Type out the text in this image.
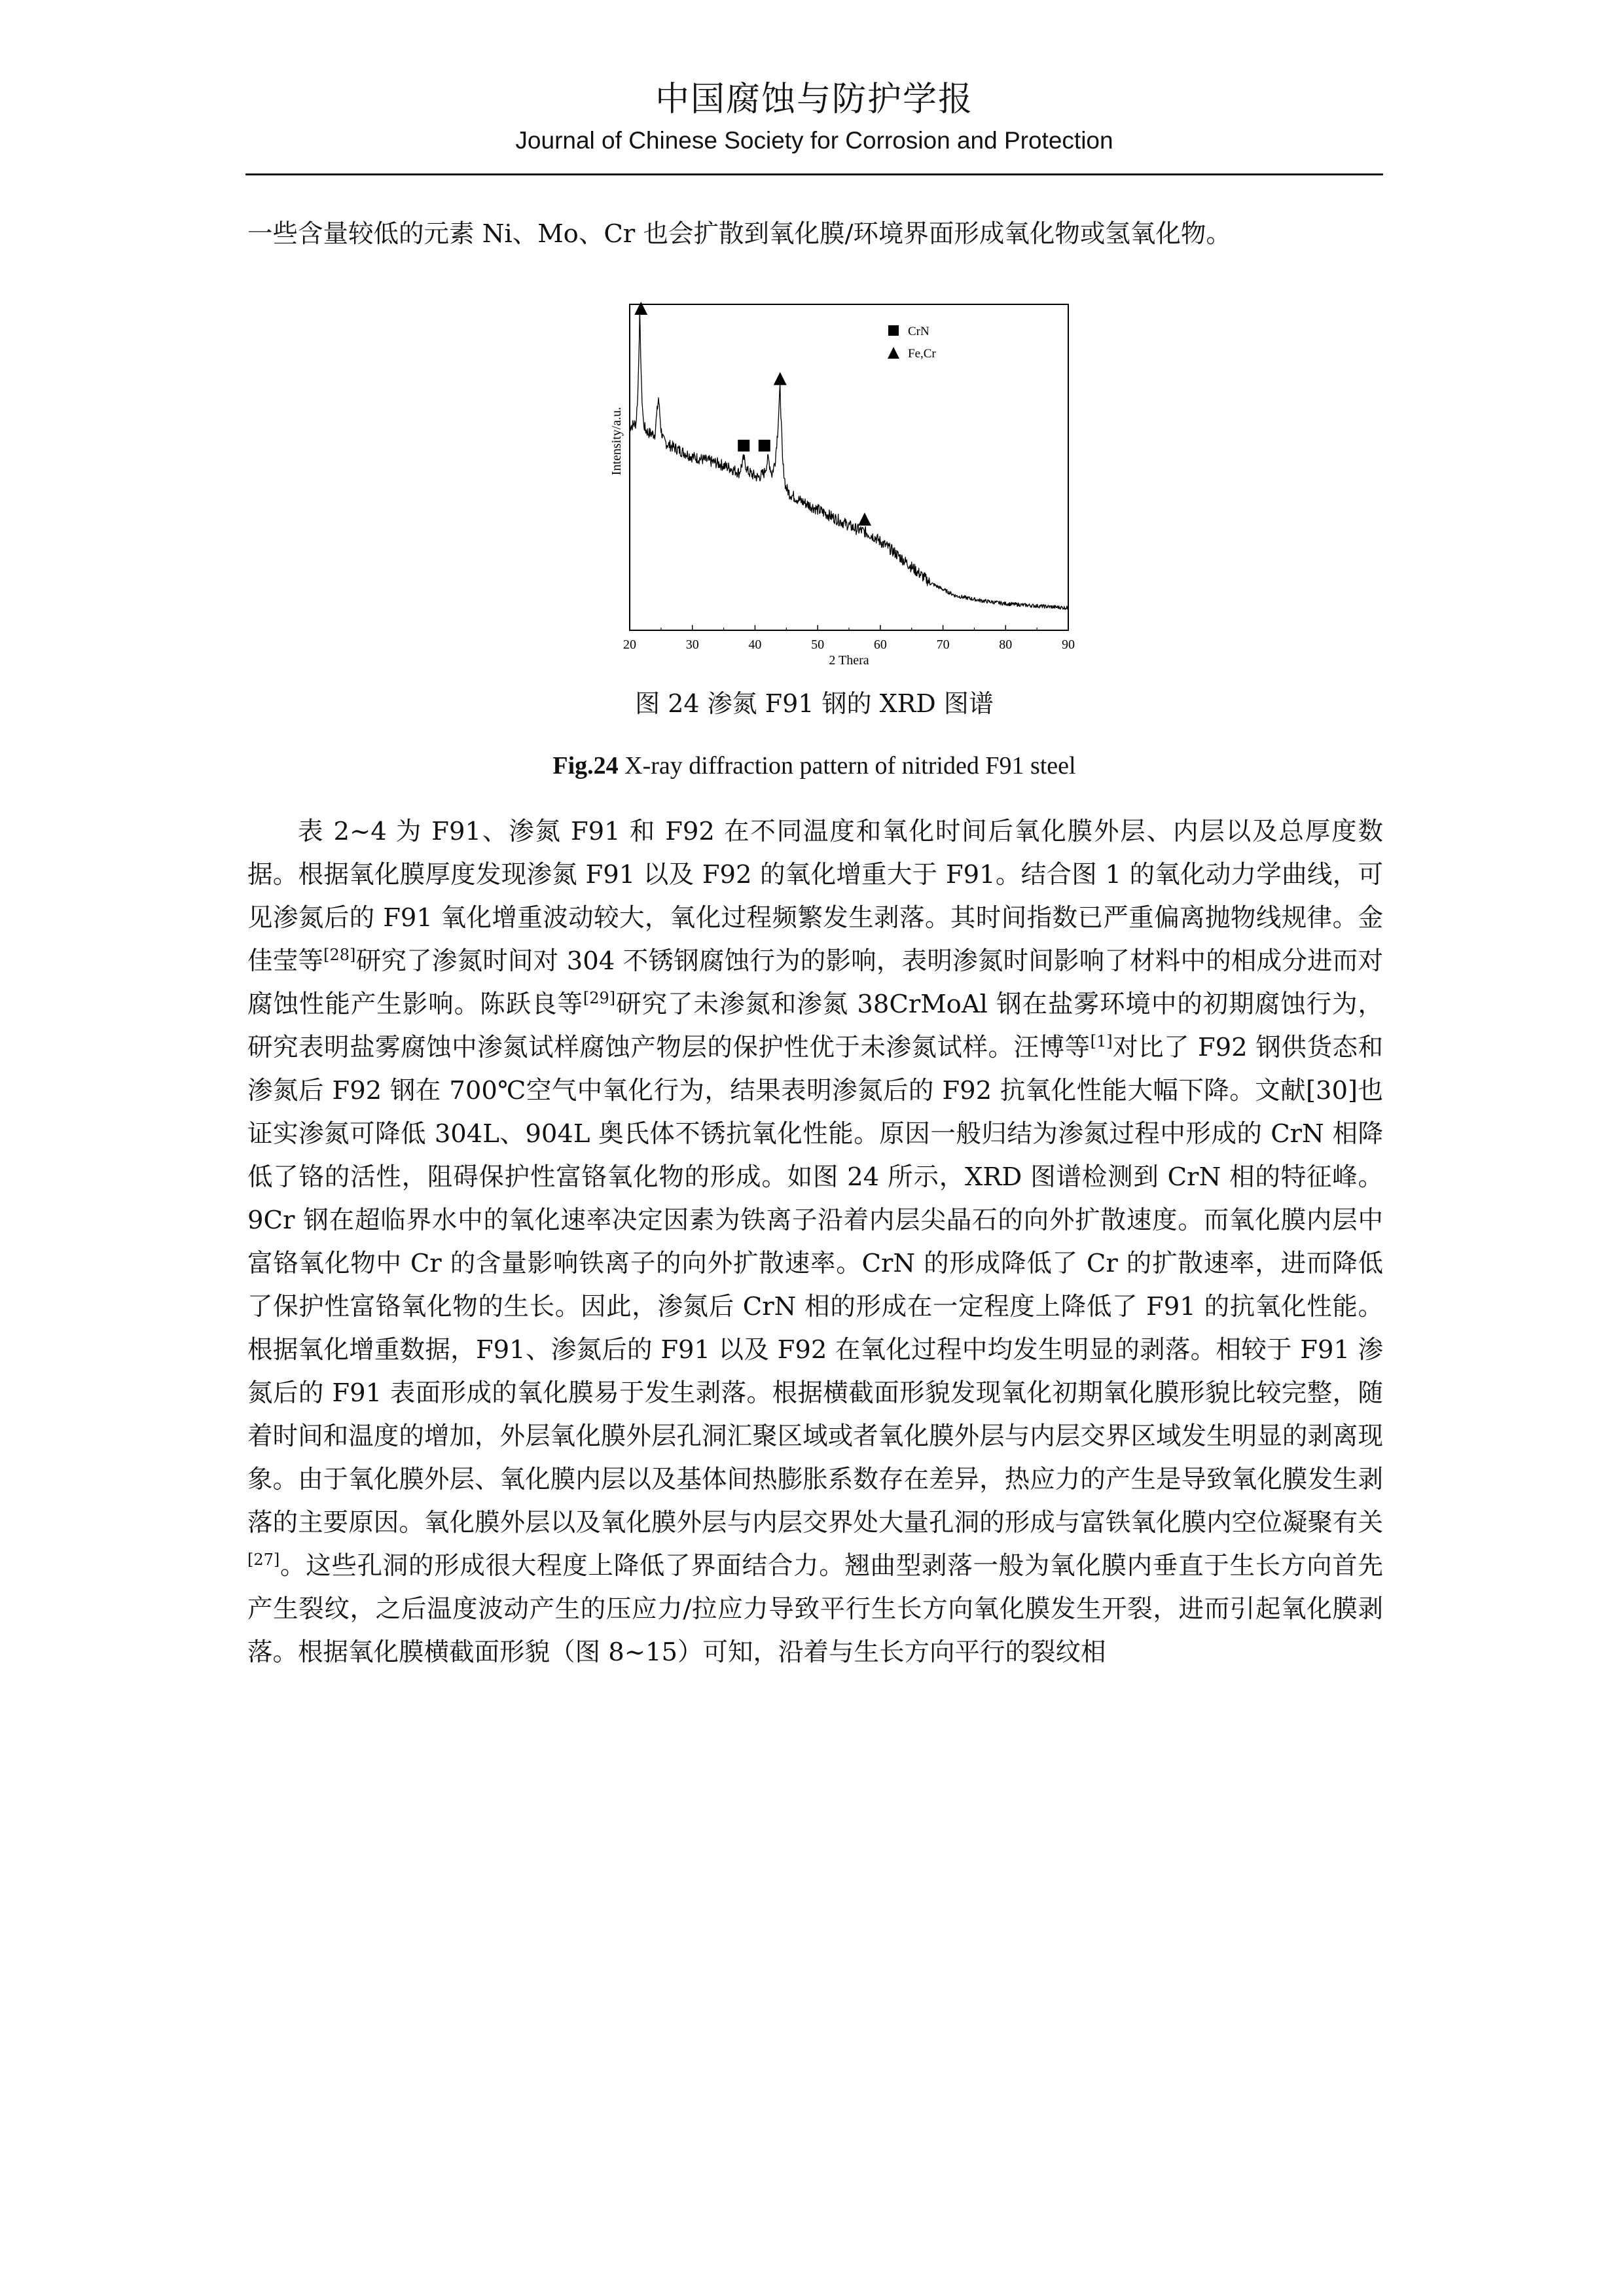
中国腐蚀与防护学报
Journal of Chinese Society for Corrosion and Protection
一些含量较低的元素 Ni、Mo、Cr 也会扩散到氧化膜/环境界面形成氧化物或氢氧化物。
20	30	40	50	60	70	80	90
2 Thera
Intensity/a.u.
CrN
Fe,Cr
图 24 渗氮 F91 钢的 XRD 图谱
Fig.24 X-ray diffraction pattern of nitrided F91 steel
表 2~4 为 F91、渗氮 F91 和 F92 在不同温度和氧化时间后氧化膜外层、内层以及总厚度数据。根据氧化膜厚度发现渗氮 F91 以及 F92 的氧化增重大于 F91。结合图 1 的氧化动力学曲线，可见渗氮后的 F91 氧化增重波动较大，氧化过程频繁发生剥落。其时间指数已严重偏离抛物线规律。金佳莹等[28]研究了渗氮时间对 304 不锈钢腐蚀行为的影响，表明渗氮时间影响了材料中的相成分进而对腐蚀性能产生影响。陈跃良等[29]研究了未渗氮和渗氮 38CrMoAl 钢在盐雾环境中的初期腐蚀行为，研究表明盐雾腐蚀中渗氮试样腐蚀产物层的保护性优于未渗氮试样。汪博等[1]对比了 F92 钢供货态和渗氮后 F92 钢在 700℃空气中氧化行为，结果表明渗氮后的 F92 抗氧化性能大幅下降。文献[30]也证实渗氮可降低 304L、904L 奥氏体不锈抗氧化性能。原因一般归结为渗氮过程中形成的 CrN 相降低了铬的活性，阻碍保护性富铬氧化物的形成。如图 24 所示，XRD 图谱检测到 CrN 相的特征峰。9Cr 钢在超临界水中的氧化速率决定因素为铁离子沿着内层尖晶石的向外扩散速度。而氧化膜内层中富铬氧化物中 Cr 的含量影响铁离子的向外扩散速率。CrN 的形成降低了 Cr 的扩散速率，进而降低了保护性富铬氧化物的生长。因此，渗氮后 CrN 相的形成在一定程度上降低了 F91 的抗氧化性能。根据氧化增重数据，F91、渗氮后的 F91 以及 F92 在氧化过程中均发生明显的剥落。相较于 F91 渗氮后的 F91 表面形成的氧化膜易于发生剥落。根据横截面形貌发现氧化初期氧化膜形貌比较完整，随着时间和温度的增加，外层氧化膜外层孔洞汇聚区域或者氧化膜外层与内层交界区域发生明显的剥离现象。由于氧化膜外层、氧化膜内层以及基体间热膨胀系数存在差异，热应力的产生是导致氧化膜发生剥落的主要原因。氧化膜外层以及氧化膜外层与内层交界处大量孔洞的形成与富铁氧化膜内空位凝聚有关[27]。这些孔洞的形成很大程度上降低了界面结合力。翘曲型剥落一般为氧化膜内垂直于生长方向首先产生裂纹，之后温度波动产生的压应力/拉应力导致平行生长方向氧化膜发生开裂，进而引起氧化膜剥落。根据氧化膜横截面形貌（图 8~15）可知，沿着与生长方向平行的裂纹相
